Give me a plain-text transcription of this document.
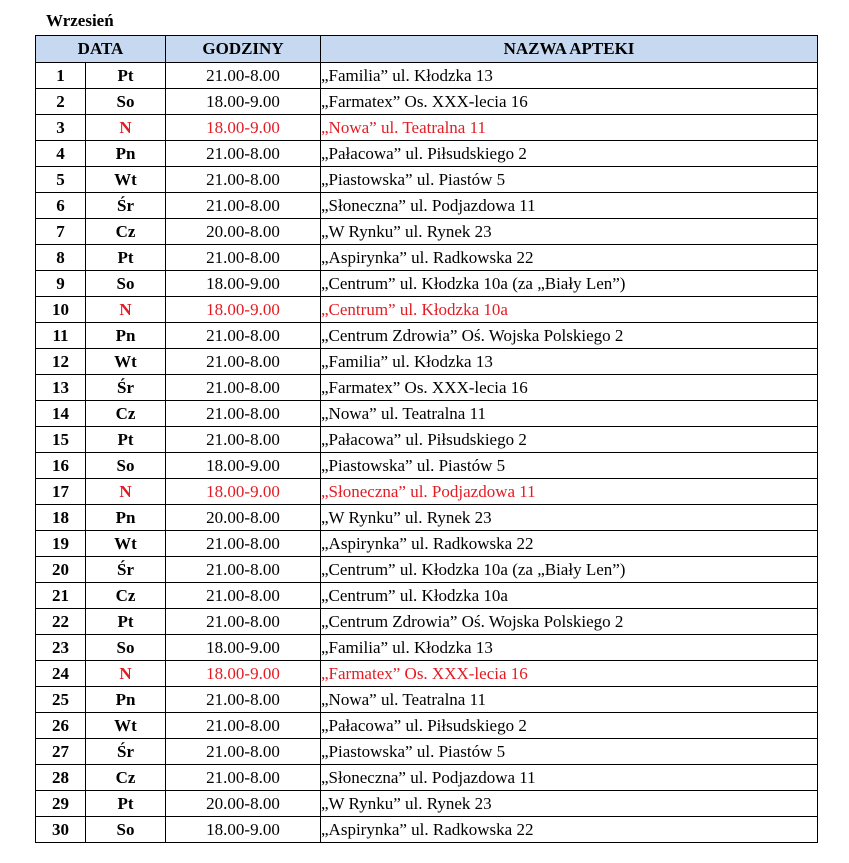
Wrzesień
DATA		GODZINY	NAZWA APTEKI
1	Pt	21.00-8.00	„Familia” ul. Kłodzka 13
2	So	18.00-9.00	„Farmatex” Os. XXX-lecia 16
3	N	18.00-9.00	„Nowa” ul. Teatralna 11
4	Pn	21.00-8.00	„Pałacowa” ul. Piłsudskiego 2
5	Wt	21.00-8.00	„Piastowska” ul. Piastów 5
6	Śr	21.00-8.00	„Słoneczna” ul. Podjazdowa 11
7	Cz	20.00-8.00	„W Rynku” ul. Rynek 23
8	Pt	21.00-8.00	„Aspirynka” ul. Radkowska 22
9	So	18.00-9.00	„Centrum” ul. Kłodzka 10a (za „Biały Len”)
10	N	18.00-9.00	„Centrum” ul. Kłodzka 10a
11	Pn	21.00-8.00	„Centrum Zdrowia” Oś. Wojska Polskiego 2
12	Wt	21.00-8.00	„Familia” ul. Kłodzka 13
13	Śr	21.00-8.00	„Farmatex” Os. XXX-lecia 16
14	Cz	21.00-8.00	„Nowa” ul. Teatralna 11
15	Pt	21.00-8.00	„Pałacowa” ul. Piłsudskiego 2
16	So	18.00-9.00	„Piastowska” ul. Piastów 5
17	N	18.00-9.00	„Słoneczna” ul. Podjazdowa 11
18	Pn	20.00-8.00	„W Rynku” ul. Rynek 23
19	Wt	21.00-8.00	„Aspirynka” ul. Radkowska 22
20	Śr	21.00-8.00	„Centrum” ul. Kłodzka 10a (za „Biały Len”)
21	Cz	21.00-8.00	„Centrum” ul. Kłodzka 10a
22	Pt	21.00-8.00	„Centrum Zdrowia” Oś. Wojska Polskiego 2
23	So	18.00-9.00	„Familia” ul. Kłodzka 13
24	N	18.00-9.00	„Farmatex” Os. XXX-lecia 16
25	Pn	21.00-8.00	„Nowa” ul. Teatralna 11
26	Wt	21.00-8.00	„Pałacowa” ul. Piłsudskiego 2
27	Śr	21.00-8.00	„Piastowska” ul. Piastów 5
28	Cz	21.00-8.00	„Słoneczna” ul. Podjazdowa 11
29	Pt	20.00-8.00	„W Rynku” ul. Rynek 23
30	So	18.00-9.00	„Aspirynka” ul. Radkowska 22
